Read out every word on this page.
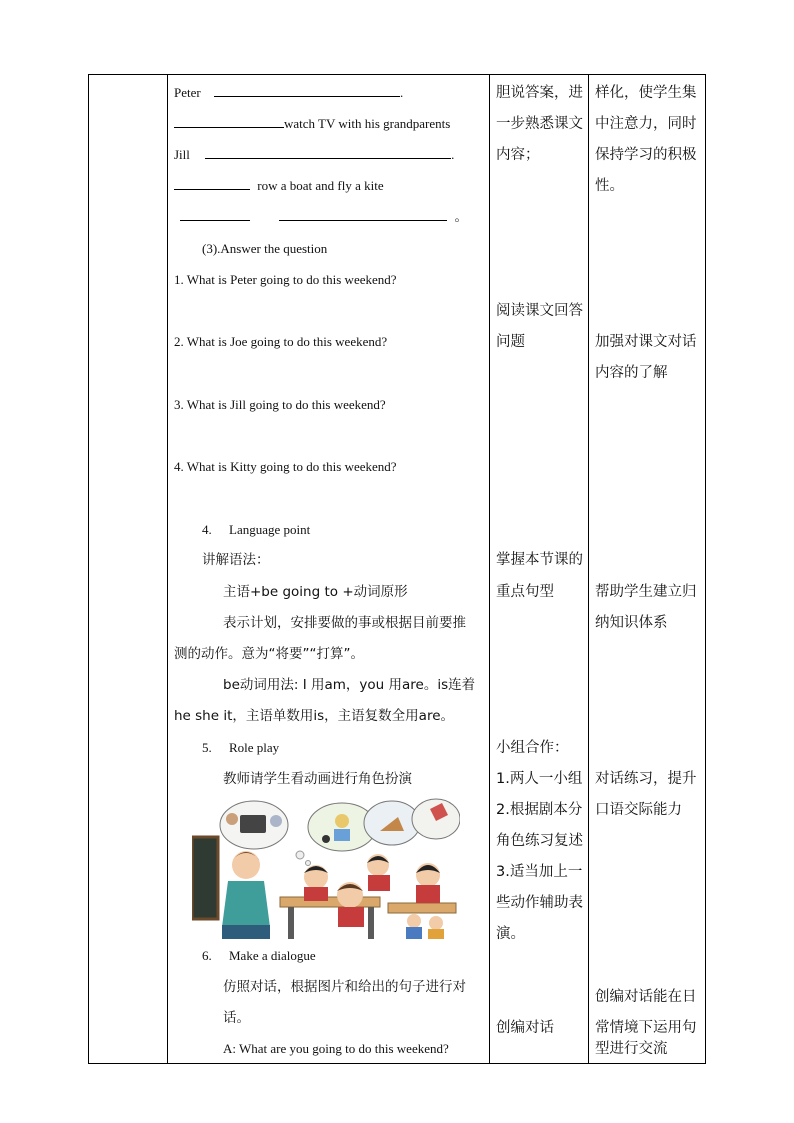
Peter	.
watch TV with his grandparents
Jill	.
row a boat and fly a kite
。
(3).Answer the question
1. What is Peter going to do this weekend?
2. What is Joe going to do this weekend?
3. What is Jill going to do this weekend?
4. What is Kitty going to do this weekend?
4. Language point
讲解语法：
主语+be going to +动词原形
表示计划，安排要做的事或根据目前要推
测的动作。意为“将要”“打算”。
be动词用法: I 用am，you 用are。is连着
he she it，主语单数用is，主语复数全用are。
5. Role play
教师请学生看动画进行角色扮演
6. Make a dialogue
仿照对话，根据图片和给出的句子进行对
话。
A: What are you going to do this weekend?
胆说答案，进
一步熟悉课文
内容；
阅读课文回答
问题
掌握本节课的
重点句型
小组合作：
1.两人一小组
2.根据剧本分
角色练习复述
3.适当加上一
些动作辅助表
演。
创编对话
样化，使学生集
中注意力，同时
保持学习的积极
性。
加强对课文对话
内容的了解
帮助学生建立归
纳知识体系
对话练习，提升
口语交际能力
创编对话能在日
常情境下运用句
型进行交流
